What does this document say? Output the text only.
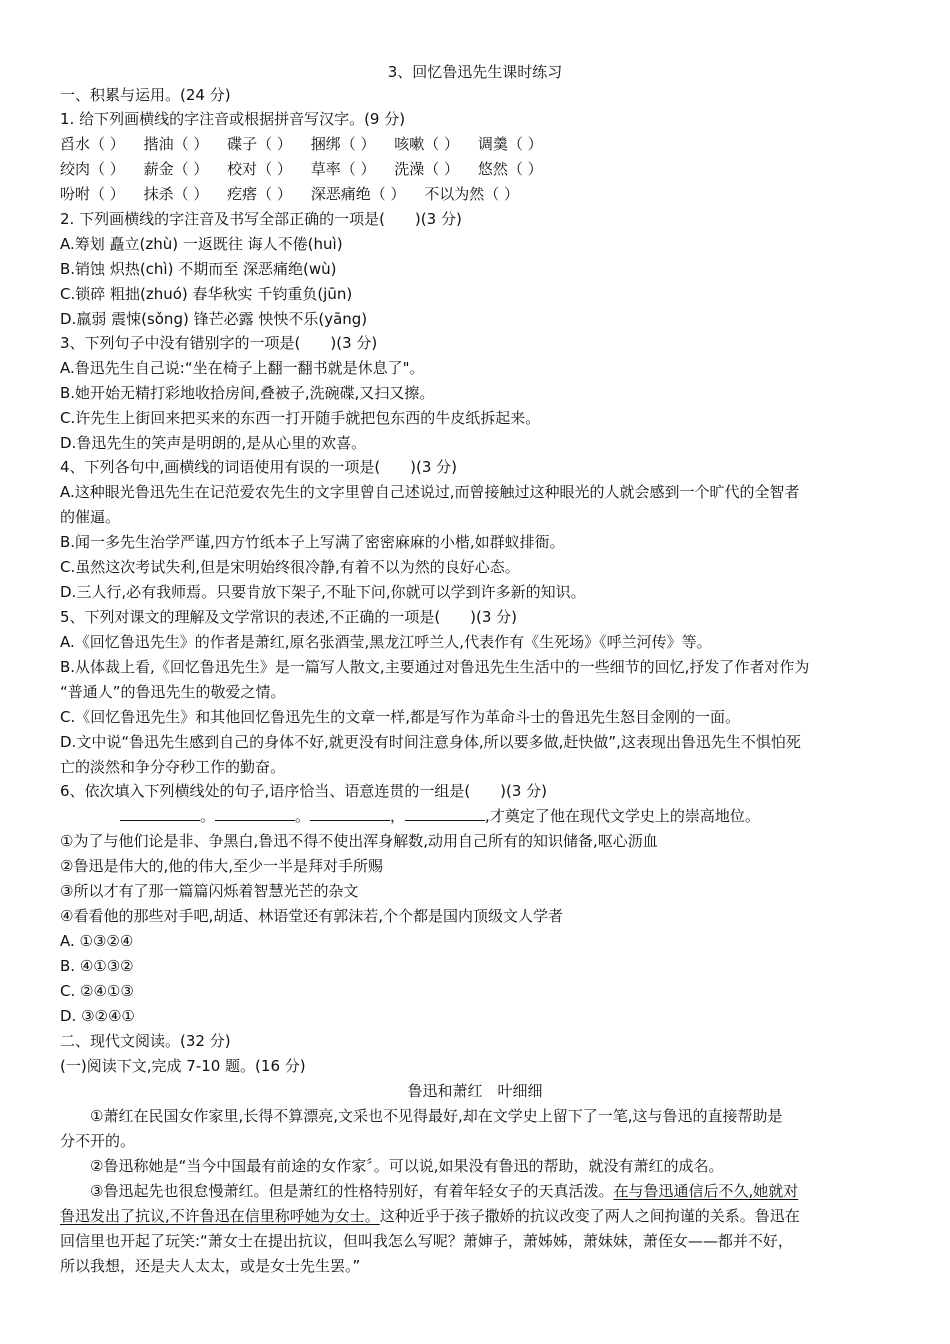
3、回忆鲁迅先生课时练习
一、积累与运用。(24 分)
1. 给下列画横线的字注音或根据拼音写汉字。(9 分)
舀水（ ） 揩油（ ） 碟子（ ） 捆绑（ ） 咳嗽（ ） 调羹（ ）
绞肉（ ） 薪金（ ） 校对（ ） 草率（ ） 洗澡（ ） 悠然（ ）
吩咐（ ） 抹杀（ ） 疙瘩（ ） 深恶痛绝（ ） 不以为然（ ）
2. 下列画横线的字注音及书写全部正确的一项是(　　)(3 分)
A.筹划 矗立(zhù) 一返既往 诲人不倦(huì)
B.销蚀 炽热(chì) 不期而至 深恶痛绝(wù)
C.锁碎 粗拙(zhuó) 春华秋实 千钧重负(jūn)
D.羸弱 震悚(sǒng) 锋芒必露 怏怏不乐(yāng)
3、下列句子中没有错别字的一项是(　　)(3 分)
A.鲁迅先生自己说:“坐在椅子上翻一翻书就是休息了"。
B.她开始无精打彩地收拾房间,叠被子,洗碗碟,又扫又擦。
C.许先生上街回来把买来的东西一打开随手就把包东西的牛皮纸拆起来。
D.鲁迅先生的笑声是明朗的,是从心里的欢喜。
4、下列各句中,画横线的词语使用有误的一项是(　　)(3 分)
A.这种眼光鲁迅先生在记范爱农先生的文字里曾自己述说过,而曾接触过这种眼光的人就会感到一个旷代的全智者
的催逼。
B.闻一多先生治学严谨,四方竹纸本子上写满了密密麻麻的小楷,如群蚁排衙。
C.虽然这次考试失利,但是宋明始终很冷静,有着不以为然的良好心态。
D.三人行,必有我师焉。只要肯放下架子,不耻下问,你就可以学到许多新的知识。
5、下列对课文的理解及文学常识的表述,不正确的一项是(　　)(3 分)
A.《回忆鲁迅先生》的作者是萧红,原名张酒莹,黑龙江呼兰人,代表作有《生死场》《呼兰河传》等。
B.从体裁上看,《回忆鲁迅先生》是一篇写人散文,主要通过对鲁迅先生生活中的一些细节的回忆,抒发了作者对作为
“普通人”的鲁迅先生的敬爱之情。
C.《回忆鲁迅先生》和其他回忆鲁迅先生的文章一样,都是写作为革命斗士的鲁迅先生怒目金刚的一面。
D.文中说“鲁迅先生感到自己的身体不好,就更没有时间注意身体,所以要多做,赶快做”,这表现出鲁迅先生不惧怕死
亡的淡然和争分夺秒工作的勤奋。
6、依次填入下列横线处的句子,语序恰当、语意连贯的一组是(　　)(3 分)
。	。	，	,才奠定了他在现代文学史上的崇高地位。
①为了与他们论是非、争黑白,鲁迅不得不使出浑身解数,动用自己所有的知识储备,呕心沥血
②鲁迅是伟大的,他的伟大,至少一半是拜对手所赐
③所以才有了那一篇篇闪烁着智慧光芒的杂文
④看看他的那些对手吧,胡适、林语堂还有郭沫若,个个都是国内顶级文人学者
A. ①③②④
B. ④①③②
C. ②④①③
D. ③②④①
二、现代文阅读。(32 分)
(一)阅读下文,完成 7-10 题。(16 分)
鲁迅和萧红　叶细细
①萧红在民国女作家里,长得不算漂亮,文采也不见得最好,却在文学史上留下了一笔,这与鲁迅的直接帮助是
分不开的。
②鲁迅称她是“当今中国最有前途的女作家〞。可以说,如果没有鲁迅的帮助，就没有萧红的成名。
③鲁迅起先也很怠慢萧红。但是萧红的性格特别好，有着年轻女子的天真活泼。在与鲁迅通信后不久,她就对
鲁迅发出了抗议,不许鲁迅在信里称呼她为女士。这种近乎于孩子撒娇的抗议改变了两人之间拘谨的关系。鲁迅在
回信里也开起了玩笑:“萧女士在提出抗议，但叫我怎么写呢？萧婶子，萧姊姊，萧妹妹，萧侄女——都并不好，
所以我想，还是夫人太太，或是女士先生罢。”
